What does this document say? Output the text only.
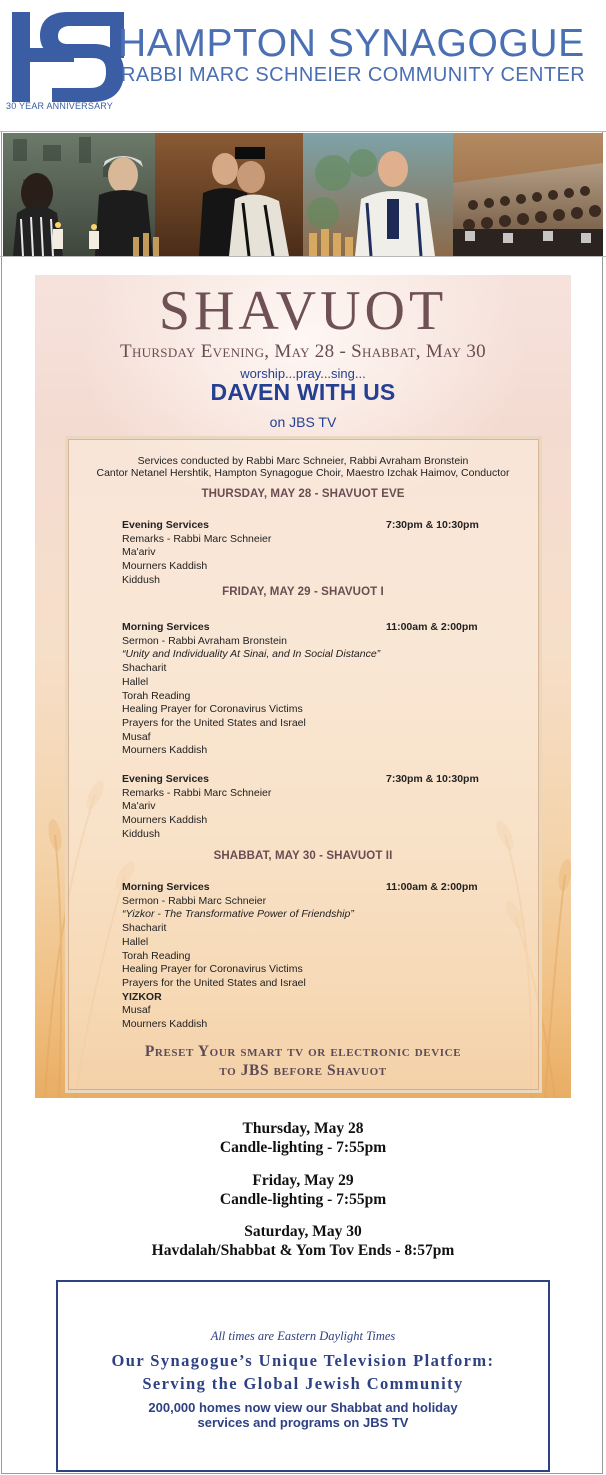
30 YEAR ANNIVERSARY
HAMPTON SYNAGOGUE
RABBI MARC SCHNEIER COMMUNITY CENTER
SHAVUOT
Thursday Evening, May 28 - Shabbat, May 30
worship...pray...sing...
DAVEN WITH US
on JBS TV
Services conducted by Rabbi Marc Schneier, Rabbi Avraham Bronstein
Cantor Netanel Hershtik, Hampton Synagogue Choir, Maestro Izchak Haimov, Conductor
THURSDAY, MAY 28 - SHAVUOT EVE
Evening Services	7:30pm & 10:30pm
Remarks - Rabbi Marc Schneier
Ma'ariv
Mourners Kaddish
Kiddush
FRIDAY, MAY 29 - SHAVUOT I
Morning Services	11:00am & 2:00pm
Sermon - Rabbi Avraham Bronstein
“Unity and Individuality At Sinai, and In Social Distance”
Shacharit
Hallel
Torah Reading
Healing Prayer for Coronavirus Victims
Prayers for the United States and Israel
Musaf
Mourners Kaddish
Evening Services	7:30pm & 10:30pm
Remarks - Rabbi Marc Schneier
Ma'ariv
Mourners Kaddish
Kiddush
SHABBAT, MAY 30 - SHAVUOT II
Morning Services	11:00am & 2:00pm
Sermon - Rabbi Marc Schneier
“Yizkor - The Transformative Power of Friendship”
Shacharit
Hallel
Torah Reading
Healing Prayer for Coronavirus Victims
Prayers for the United States and Israel
YIZKOR
Musaf
Mourners Kaddish
Preset Your smart tv or electronic device
to JBS before Shavuot
Thursday, May 28
Candle-lighting - 7:55pm
Friday, May 29
Candle-lighting - 7:55pm
Saturday, May 30
Havdalah/Shabbat & Yom Tov Ends - 8:57pm
All times are Eastern Daylight Times
Our Synagogue’s Unique Television Platform:
Serving the Global Jewish Community
200,000 homes now view our Shabbat and holiday
services and programs on JBS TV
